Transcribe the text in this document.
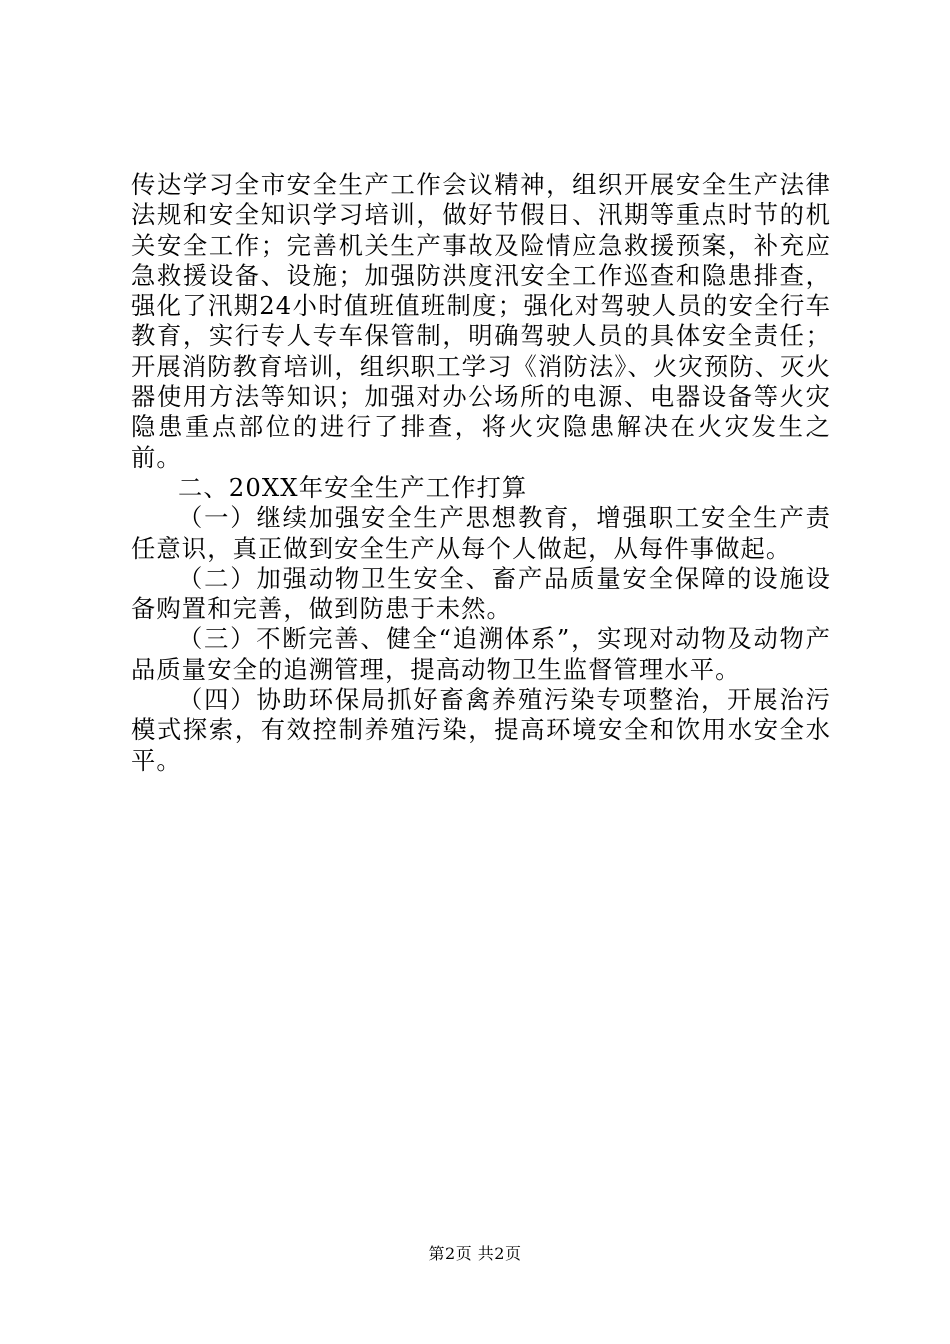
传达学习全市安全生产工作会议精神，组织开展安全生产法律法规和安全知识学习培训，做好节假日、汛期等重点时节的机关安全工作；完善机关生产事故及险情应急救援预案，补充应急救援设备、设施；加强防洪度汛安全工作巡查和隐患排查，强化了汛期24小时值班值班制度；强化对驾驶人员的安全行车教育，实行专人专车保管制，明确驾驶人员的具体安全责任；开展消防教育培训，组织职工学习《消防法》、火灾预防、灭火器使用方法等知识；加强对办公场所的电源、电器设备等火灾隐患重点部位的进行了排查，将火灾隐患解决在火灾发生之前。

二、20XX年安全生产工作打算

（一）继续加强安全生产思想教育，增强职工安全生产责任意识，真正做到安全生产从每个人做起，从每件事做起。

（二）加强动物卫生安全、畜产品质量安全保障的设施设备购置和完善，做到防患于未然。

（三）不断完善、健全“追溯体系”，实现对动物及动物产品质量安全的追溯管理，提高动物卫生监督管理水平。

（四）协助环保局抓好畜禽养殖污染专项整治，开展治污模式探索，有效控制养殖污染，提高环境安全和饮用水安全水平。

第2页 共2页
